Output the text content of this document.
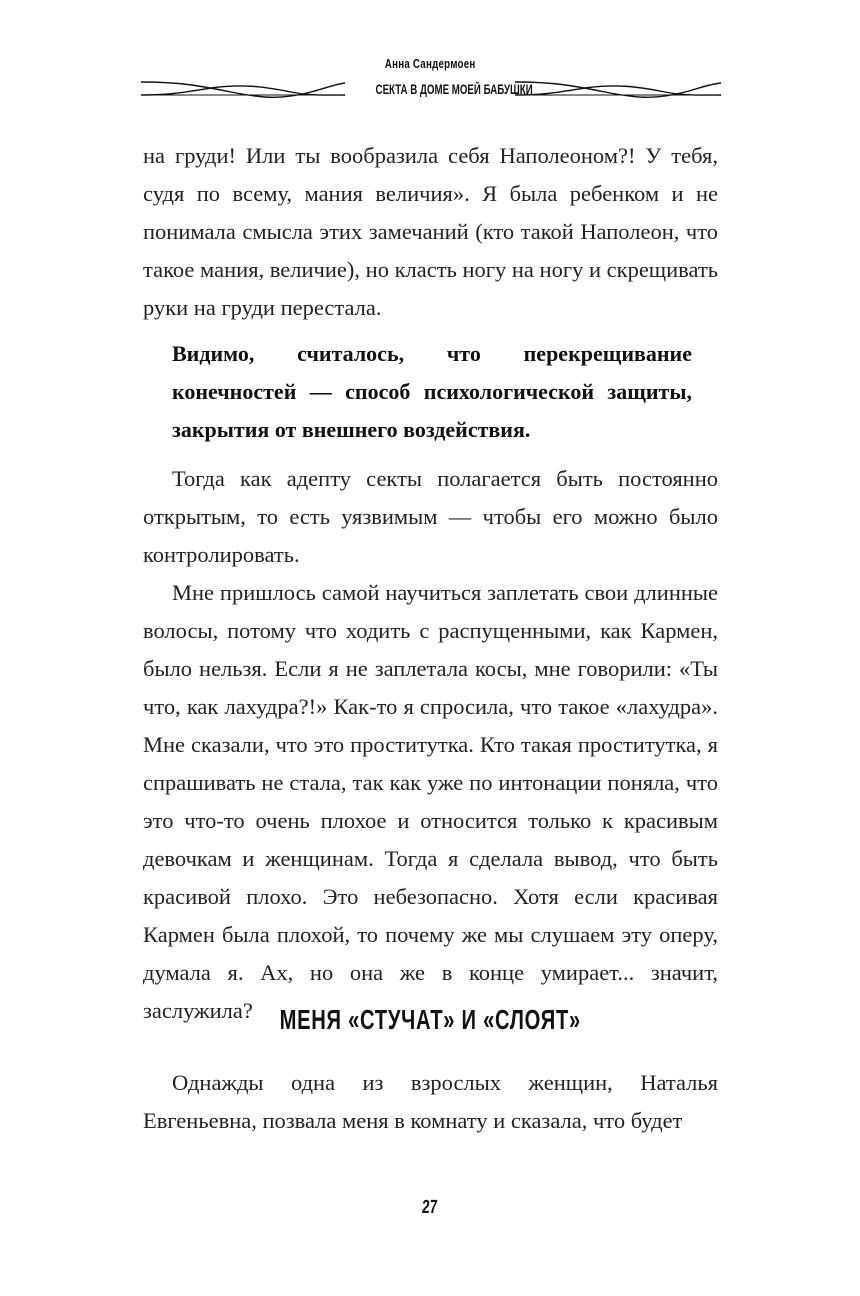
Анна Сандермоен
СЕКТА В ДОМЕ МОЕЙ БАБУШКИ

на груди! Или ты вообразила себя Наполеоном?! У тебя, судя по всему, мания величия». Я была ребенком и не понимала смысла этих замечаний (кто такой Наполеон, что такое мания, величие), но класть ногу на ногу и скрещивать руки на груди перестала.

Видимо, считалось, что перекрещивание конечностей — способ психологической защиты, закрытия от внешнего воздействия.

Тогда как адепту секты полагается быть постоянно открытым, то есть уязвимым — чтобы его можно было контролировать.

Мне пришлось самой научиться заплетать свои длинные волосы, потому что ходить с распущенными, как Кармен, было нельзя. Если я не заплетала косы, мне говорили: «Ты что, как лахудра?!» Как-то я спросила, что такое «лахудра». Мне сказали, что это проститутка. Кто такая проститутка, я спрашивать не стала, так как уже по интонации поняла, что это что-то очень плохое и относится только к красивым девочкам и женщинам. Тогда я сделала вывод, что быть красивой плохо. Это небезопасно. Хотя если красивая Кармен была плохой, то почему же мы слушаем эту оперу, думала я. Ах, но она же в конце умирает... значит, заслужила? МЕНЯ «СТУЧАТ» И «СЛОЯТ»

Однажды одна из взрослых женщин, Наталья Евгеньевна, позвала меня в комнату и сказала, что будет

27
